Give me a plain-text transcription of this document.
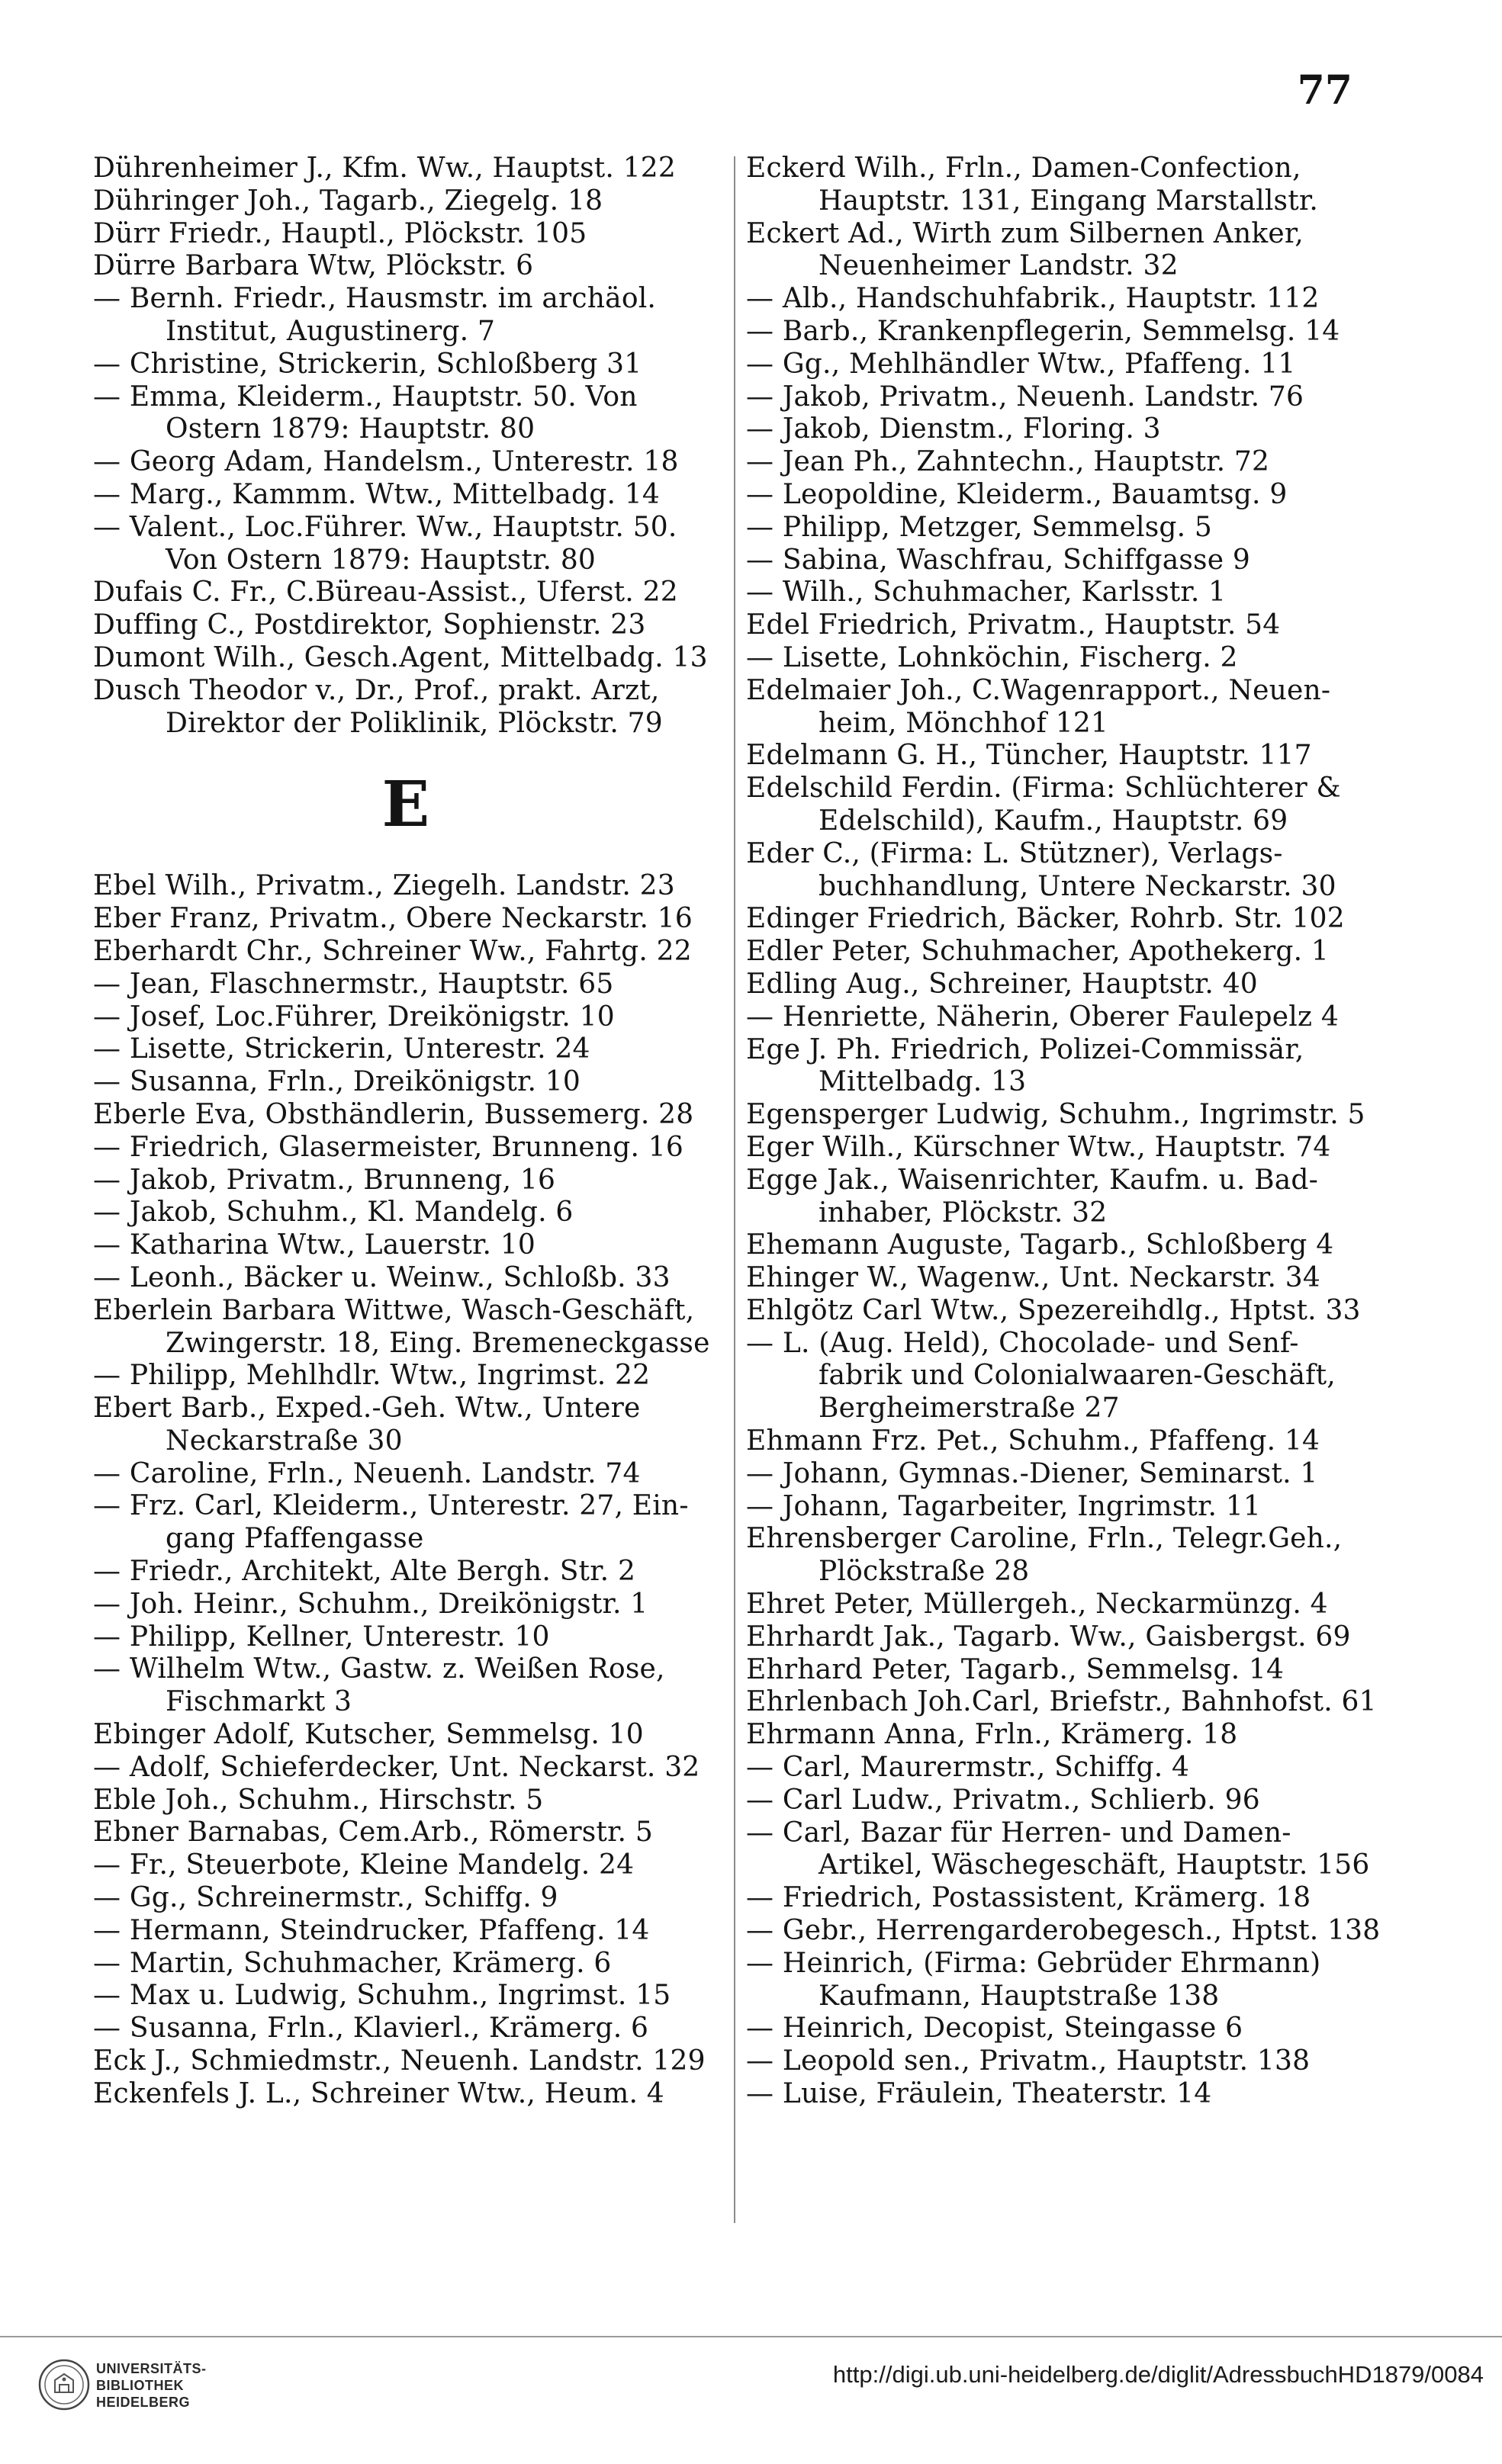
77
Dührenheimer J., Kfm. Ww., Hauptst. 122
Dühringer Joh., Tagarb., Ziegelg. 18
Dürr Friedr., Hauptl., Plöckstr. 105
Dürre Barbara Wtw, Plöckstr. 6
— Bernh. Friedr., Hausmstr. im archäol.
Institut, Augustinerg. 7
— Christine, Strickerin, Schloßberg 31
— Emma, Kleiderm., Hauptstr. 50. Von
Ostern 1879: Hauptstr. 80
— Georg Adam, Handelsm., Unterestr. 18
— Marg., Kammm. Wtw., Mittelbadg. 14
— Valent., Loc.Führer. Ww., Hauptstr. 50.
Von Ostern 1879: Hauptstr. 80
Dufais C. Fr., C.Büreau-Assist., Uferst. 22
Duffing C., Postdirektor, Sophienstr. 23
Dumont Wilh., Gesch.Agent, Mittelbadg. 13
Dusch Theodor v., Dr., Prof., prakt. Arzt,
Direktor der Poliklinik, Plöckstr. 79
E
Ebel Wilh., Privatm., Ziegelh. Landstr. 23
Eber Franz, Privatm., Obere Neckarstr. 16
Eberhardt Chr., Schreiner Ww., Fahrtg. 22
— Jean, Flaschnermstr., Hauptstr. 65
— Josef, Loc.Führer, Dreikönigstr. 10
— Lisette, Strickerin, Unterestr. 24
— Susanna, Frln., Dreikönigstr. 10
Eberle Eva, Obsthändlerin, Bussemerg. 28
— Friedrich, Glasermeister, Brunneng. 16
— Jakob, Privatm., Brunneng, 16
— Jakob, Schuhm., Kl. Mandelg. 6
— Katharina Wtw., Lauerstr. 10
— Leonh., Bäcker u. Weinw., Schloßb. 33
Eberlein Barbara Wittwe, Wasch-Geschäft,
Zwingerstr. 18, Eing. Bremeneckgasse
— Philipp, Mehlhdlr. Wtw., Ingrimst. 22
Ebert Barb., Exped.-Geh. Wtw., Untere
Neckarstraße 30
— Caroline, Frln., Neuenh. Landstr. 74
— Frz. Carl, Kleiderm., Unterestr. 27, Ein-
gang Pfaffengasse
— Friedr., Architekt, Alte Bergh. Str. 2
— Joh. Heinr., Schuhm., Dreikönigstr. 1
— Philipp, Kellner, Unterestr. 10
— Wilhelm Wtw., Gastw. z. Weißen Rose,
Fischmarkt 3
Ebinger Adolf, Kutscher, Semmelsg. 10
— Adolf, Schieferdecker, Unt. Neckarst. 32
Eble Joh., Schuhm., Hirschstr. 5
Ebner Barnabas, Cem.Arb., Römerstr. 5
— Fr., Steuerbote, Kleine Mandelg. 24
— Gg., Schreinermstr., Schiffg. 9
— Hermann, Steindrucker, Pfaffeng. 14
— Martin, Schuhmacher, Krämerg. 6
— Max u. Ludwig, Schuhm., Ingrimst. 15
— Susanna, Frln., Klavierl., Krämerg. 6
Eck J., Schmiedmstr., Neuenh. Landstr. 129
Eckenfels J. L., Schreiner Wtw., Heum. 4
Eckerd Wilh., Frln., Damen-Confection,
Hauptstr. 131, Eingang Marstallstr.
Eckert Ad., Wirth zum Silbernen Anker,
Neuenheimer Landstr. 32
— Alb., Handschuhfabrik., Hauptstr. 112
— Barb., Krankenpflegerin, Semmelsg. 14
— Gg., Mehlhändler Wtw., Pfaffeng. 11
— Jakob, Privatm., Neuenh. Landstr. 76
— Jakob, Dienstm., Floring. 3
— Jean Ph., Zahntechn., Hauptstr. 72
— Leopoldine, Kleiderm., Bauamtsg. 9
— Philipp, Metzger, Semmelsg. 5
— Sabina, Waschfrau, Schiffgasse 9
— Wilh., Schuhmacher, Karlsstr. 1
Edel Friedrich, Privatm., Hauptstr. 54
— Lisette, Lohnköchin, Fischerg. 2
Edelmaier Joh., C.Wagenrapport., Neuen-
heim, Mönchhof 121
Edelmann G. H., Tüncher, Hauptstr. 117
Edelschild Ferdin. (Firma: Schlüchterer &
Edelschild), Kaufm., Hauptstr. 69
Eder C., (Firma: L. Stützner), Verlags-
buchhandlung, Untere Neckarstr. 30
Edinger Friedrich, Bäcker, Rohrb. Str. 102
Edler Peter, Schuhmacher, Apothekerg. 1
Edling Aug., Schreiner, Hauptstr. 40
— Henriette, Näherin, Oberer Faulepelz 4
Ege J. Ph. Friedrich, Polizei-Commissär,
Mittelbadg. 13
Egensperger Ludwig, Schuhm., Ingrimstr. 5
Eger Wilh., Kürschner Wtw., Hauptstr. 74
Egge Jak., Waisenrichter, Kaufm. u. Bad-
inhaber, Plöckstr. 32
Ehemann Auguste, Tagarb., Schloßberg 4
Ehinger W., Wagenw., Unt. Neckarstr. 34
Ehlgötz Carl Wtw., Spezereihdlg., Hptst. 33
— L. (Aug. Held), Chocolade- und Senf-
fabrik und Colonialwaaren-Geschäft,
Bergheimerstraße 27
Ehmann Frz. Pet., Schuhm., Pfaffeng. 14
— Johann, Gymnas.-Diener, Seminarst. 1
— Johann, Tagarbeiter, Ingrimstr. 11
Ehrensberger Caroline, Frln., Telegr.Geh.,
Plöckstraße 28
Ehret Peter, Müllergeh., Neckarmünzg. 4
Ehrhardt Jak., Tagarb. Ww., Gaisbergst. 69
Ehrhard Peter, Tagarb., Semmelsg. 14
Ehrlenbach Joh.Carl, Briefstr., Bahnhofst. 61
Ehrmann Anna, Frln., Krämerg. 18
— Carl, Maurermstr., Schiffg. 4
— Carl Ludw., Privatm., Schlierb. 96
— Carl, Bazar für Herren- und Damen-
Artikel, Wäschegeschäft, Hauptstr. 156
— Friedrich, Postassistent, Krämerg. 18
— Gebr., Herrengarderobegesch., Hptst. 138
— Heinrich, (Firma: Gebrüder Ehrmann)
Kaufmann, Hauptstraße 138
— Heinrich, Decopist, Steingasse 6
— Leopold sen., Privatm., Hauptstr. 138
— Luise, Fräulein, Theaterstr. 14
UNIVERSITÄTS-
BIBLIOTHEK
HEIDELBERG
http://digi.ub.uni-heidelberg.de/diglit/AdressbuchHD1879/0084
